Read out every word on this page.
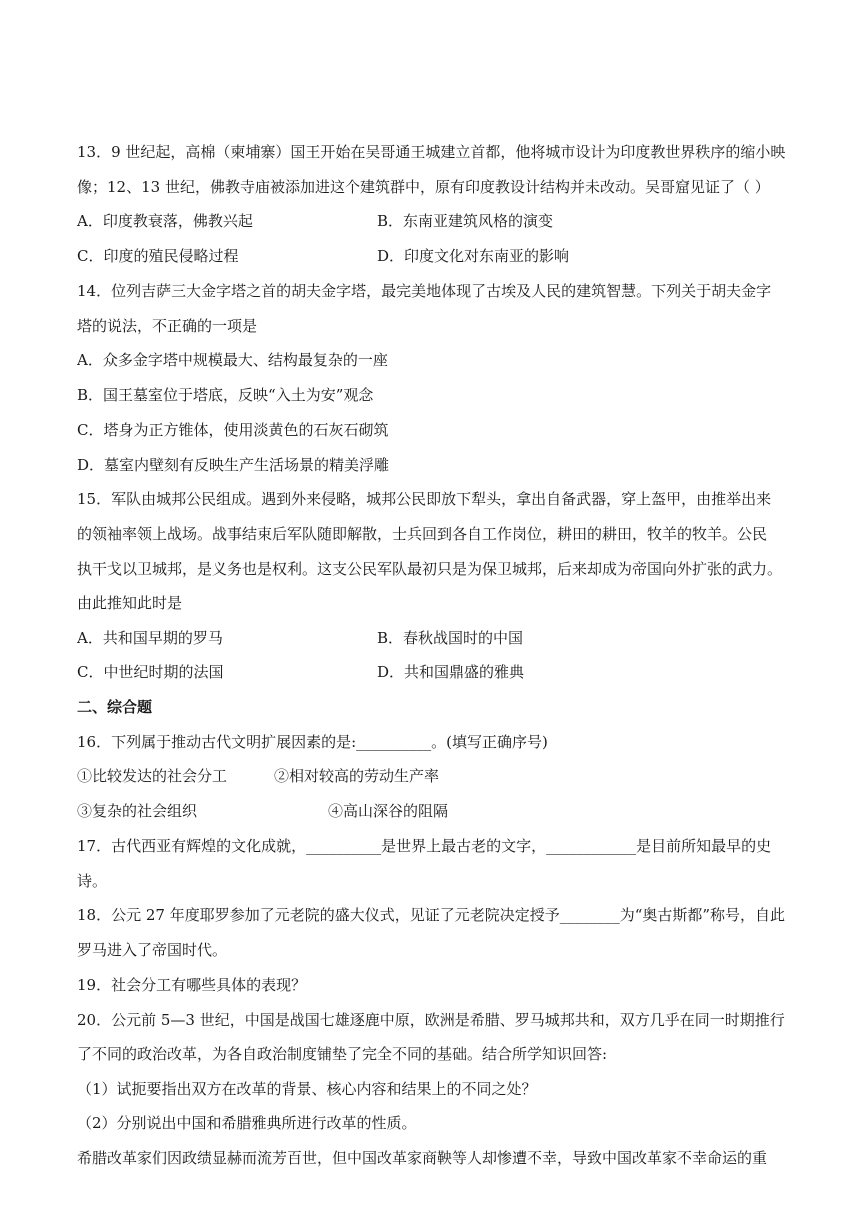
13．9 世纪起，高棉（柬埔寨）国王开始在吴哥通王城建立首都，他将城市设计为印度教世界秩序的缩小映
像；12、13 世纪，佛教寺庙被添加进这个建筑群中，原有印度教设计结构并未改动。吴哥窟见证了（ ）
A．印度教衰落，佛教兴起	B．东南亚建筑风格的演变
C．印度的殖民侵略过程	D．印度文化对东南亚的影响
14．位列吉萨三大金字塔之首的胡夫金字塔，最完美地体现了古埃及人民的建筑智慧。下列关于胡夫金字
塔的说法，不正确的一项是
A．众多金字塔中规模最大、结构最复杂的一座
B．国王墓室位于塔底，反映“入土为安”观念
C．塔身为正方锥体，使用淡黄色的石灰石砌筑
D．墓室内壁刻有反映生产生活场景的精美浮雕
15．军队由城邦公民组成。遇到外来侵略，城邦公民即放下犁头，拿出自备武器，穿上盔甲，由推举出来
的领袖率领上战场。战事结束后军队随即解散，士兵回到各自工作岗位，耕田的耕田，牧羊的牧羊。公民
执干戈以卫城邦，是义务也是权利。这支公民军队最初只是为保卫城邦，后来却成为帝国向外扩张的武力。
由此推知此时是
A．共和国早期的罗马	B．春秋战国时的中国
C．中世纪时期的法国	D．共和国鼎盛的雅典
二、综合题
16．下列属于推动古代文明扩展因素的是:__________。(填写正确序号)
①比较发达的社会分工	②相对较高的劳动生产率
③复杂的社会组织	④高山深谷的阻隔
17．古代西亚有辉煌的文化成就，__________是世界上最古老的文字，____________是目前所知最早的史
诗。
18．公元 27 年度耶罗参加了元老院的盛大仪式，见证了元老院决定授予________为“奥古斯都”称号，自此
罗马进入了帝国时代。
19．社会分工有哪些具体的表现？
20．公元前 5—3 世纪，中国是战国七雄逐鹿中原，欧洲是希腊、罗马城邦共和，双方几乎在同一时期推行
了不同的政治改革，为各自政治制度铺垫了完全不同的基础。结合所学知识回答:
（1）试扼要指出双方在改革的背景、核心内容和结果上的不同之处？
（2）分别说出中国和希腊雅典所进行改革的性质。
希腊改革家们因政绩显赫而流芳百世，但中国改革家商鞅等人却惨遭不幸，导致中国改革家不幸命运的重
